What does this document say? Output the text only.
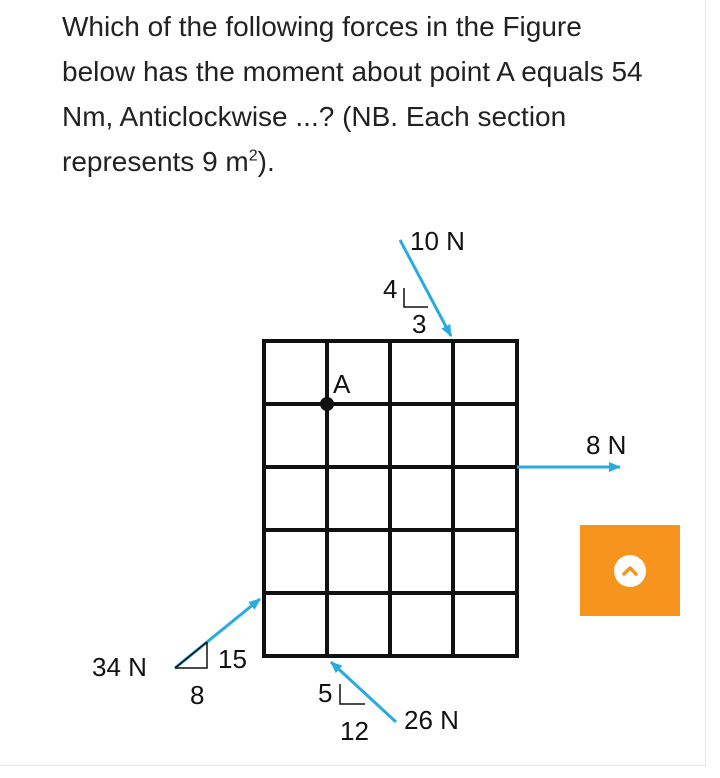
Which of the following forces in the Figure below has the moment about point A equals 54 Nm, Anticlockwise ...? (NB. Each section represents 9 $m^2$).

A
10 N
4
3
8 N
34 N	15
8	5
12 26 N
